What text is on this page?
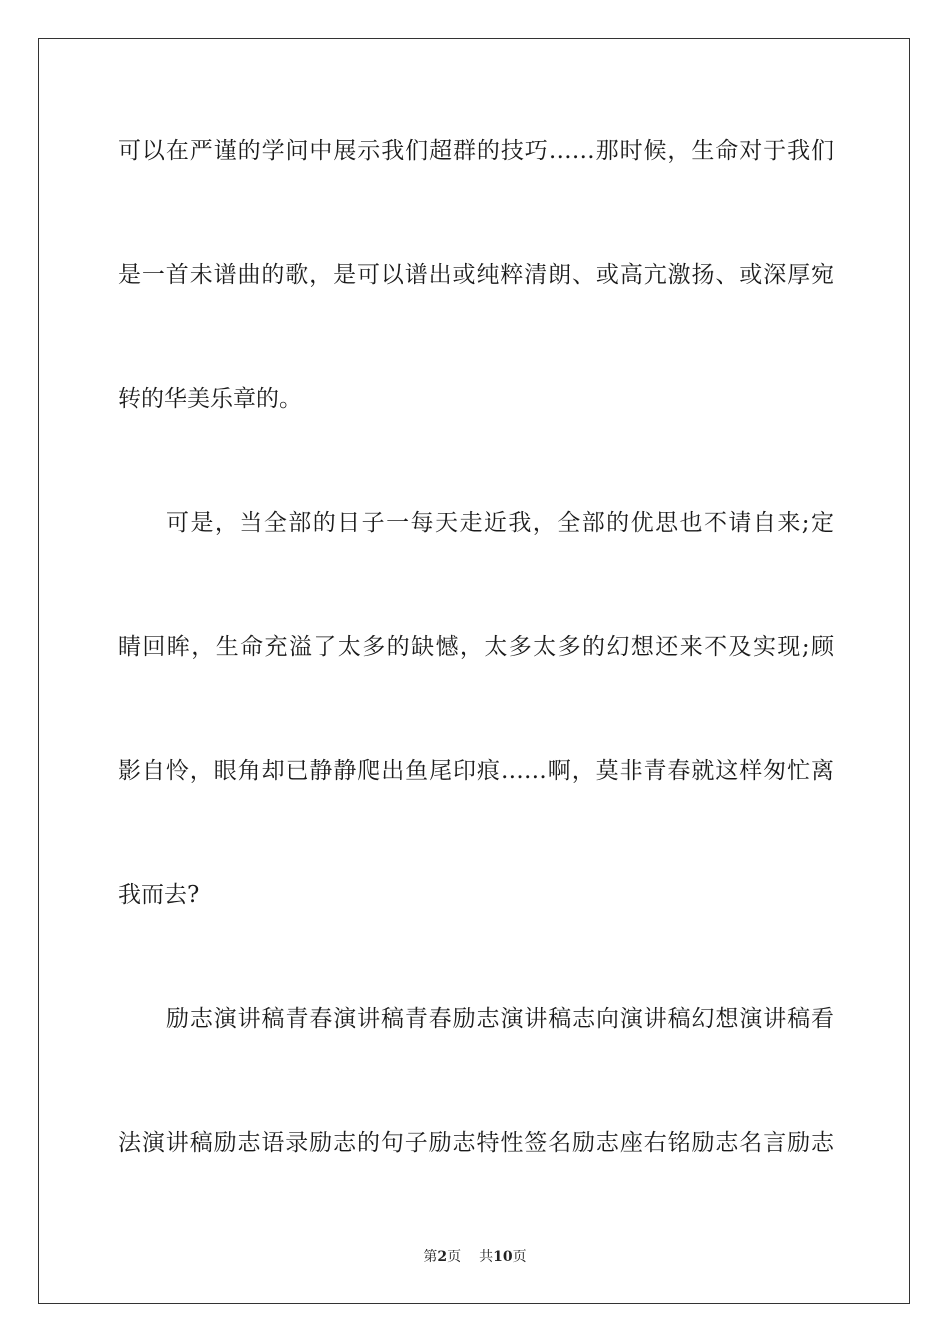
可以在严谨的学问中展示我们超群的技巧……那时候，生命对于我们
是一首未谱曲的歌，是可以谱出或纯粹清朗、或高亢激扬、或深厚宛
转的华美乐章的。
可是，当全部的日子一每天走近我，全部的优思也不请自来;定
睛回眸，生命充溢了太多的缺憾，太多太多的幻想还来不及实现;顾
影自怜，眼角却已静静爬出鱼尾印痕……啊，莫非青春就这样匆忙离
我而去?
励志演讲稿青春演讲稿青春励志演讲稿志向演讲稿幻想演讲稿看
法演讲稿励志语录励志的句子励志特性签名励志座右铭励志名言励志
第2页 共10页
